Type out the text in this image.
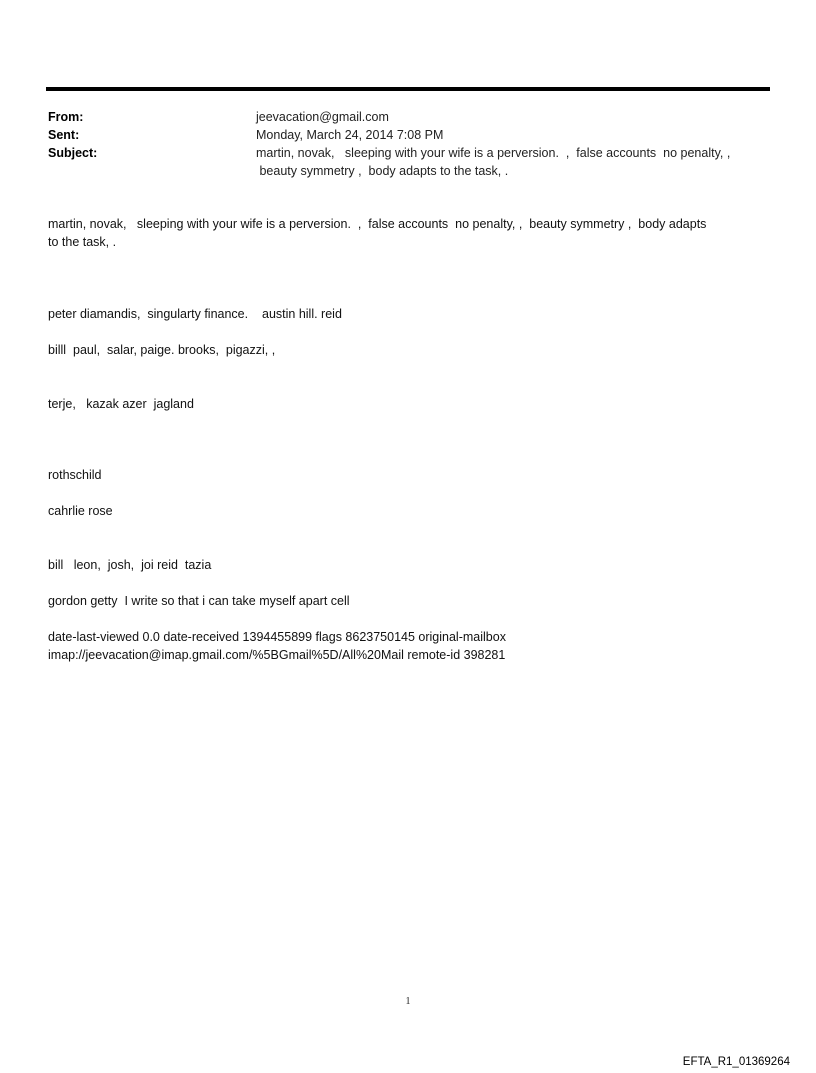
From:	jeevacation@gmail.com
Sent:	Monday, March 24, 2014 7:08 PM
Subject:	martin, novak,   sleeping with your wife is a perversion.  ,  false accounts  no penalty, ,
beauty symmetry ,  body adapts to the task, .

martin, novak,   sleeping with your wife is a perversion.  ,  false accounts  no penalty, ,  beauty symmetry ,  body adapts
to the task, .

peter diamandis,  singularty finance.    austin hill. reid

billl  paul,  salar, paige. brooks,  pigazzi, ,

terje,   kazak azer  jagland

rothschild

cahrlie rose

bill   leon,  josh,  joi reid  tazia

gordon getty  I write so that i can take myself apart cell

date-last-viewed 0.0 date-received 1394455899 flags 8623750145 original-mailbox
imap://jeevacation@imap.gmail.com/%5BGmail%5D/All%20Mail remote-id 398281

1
EFTA_R1_01369264
